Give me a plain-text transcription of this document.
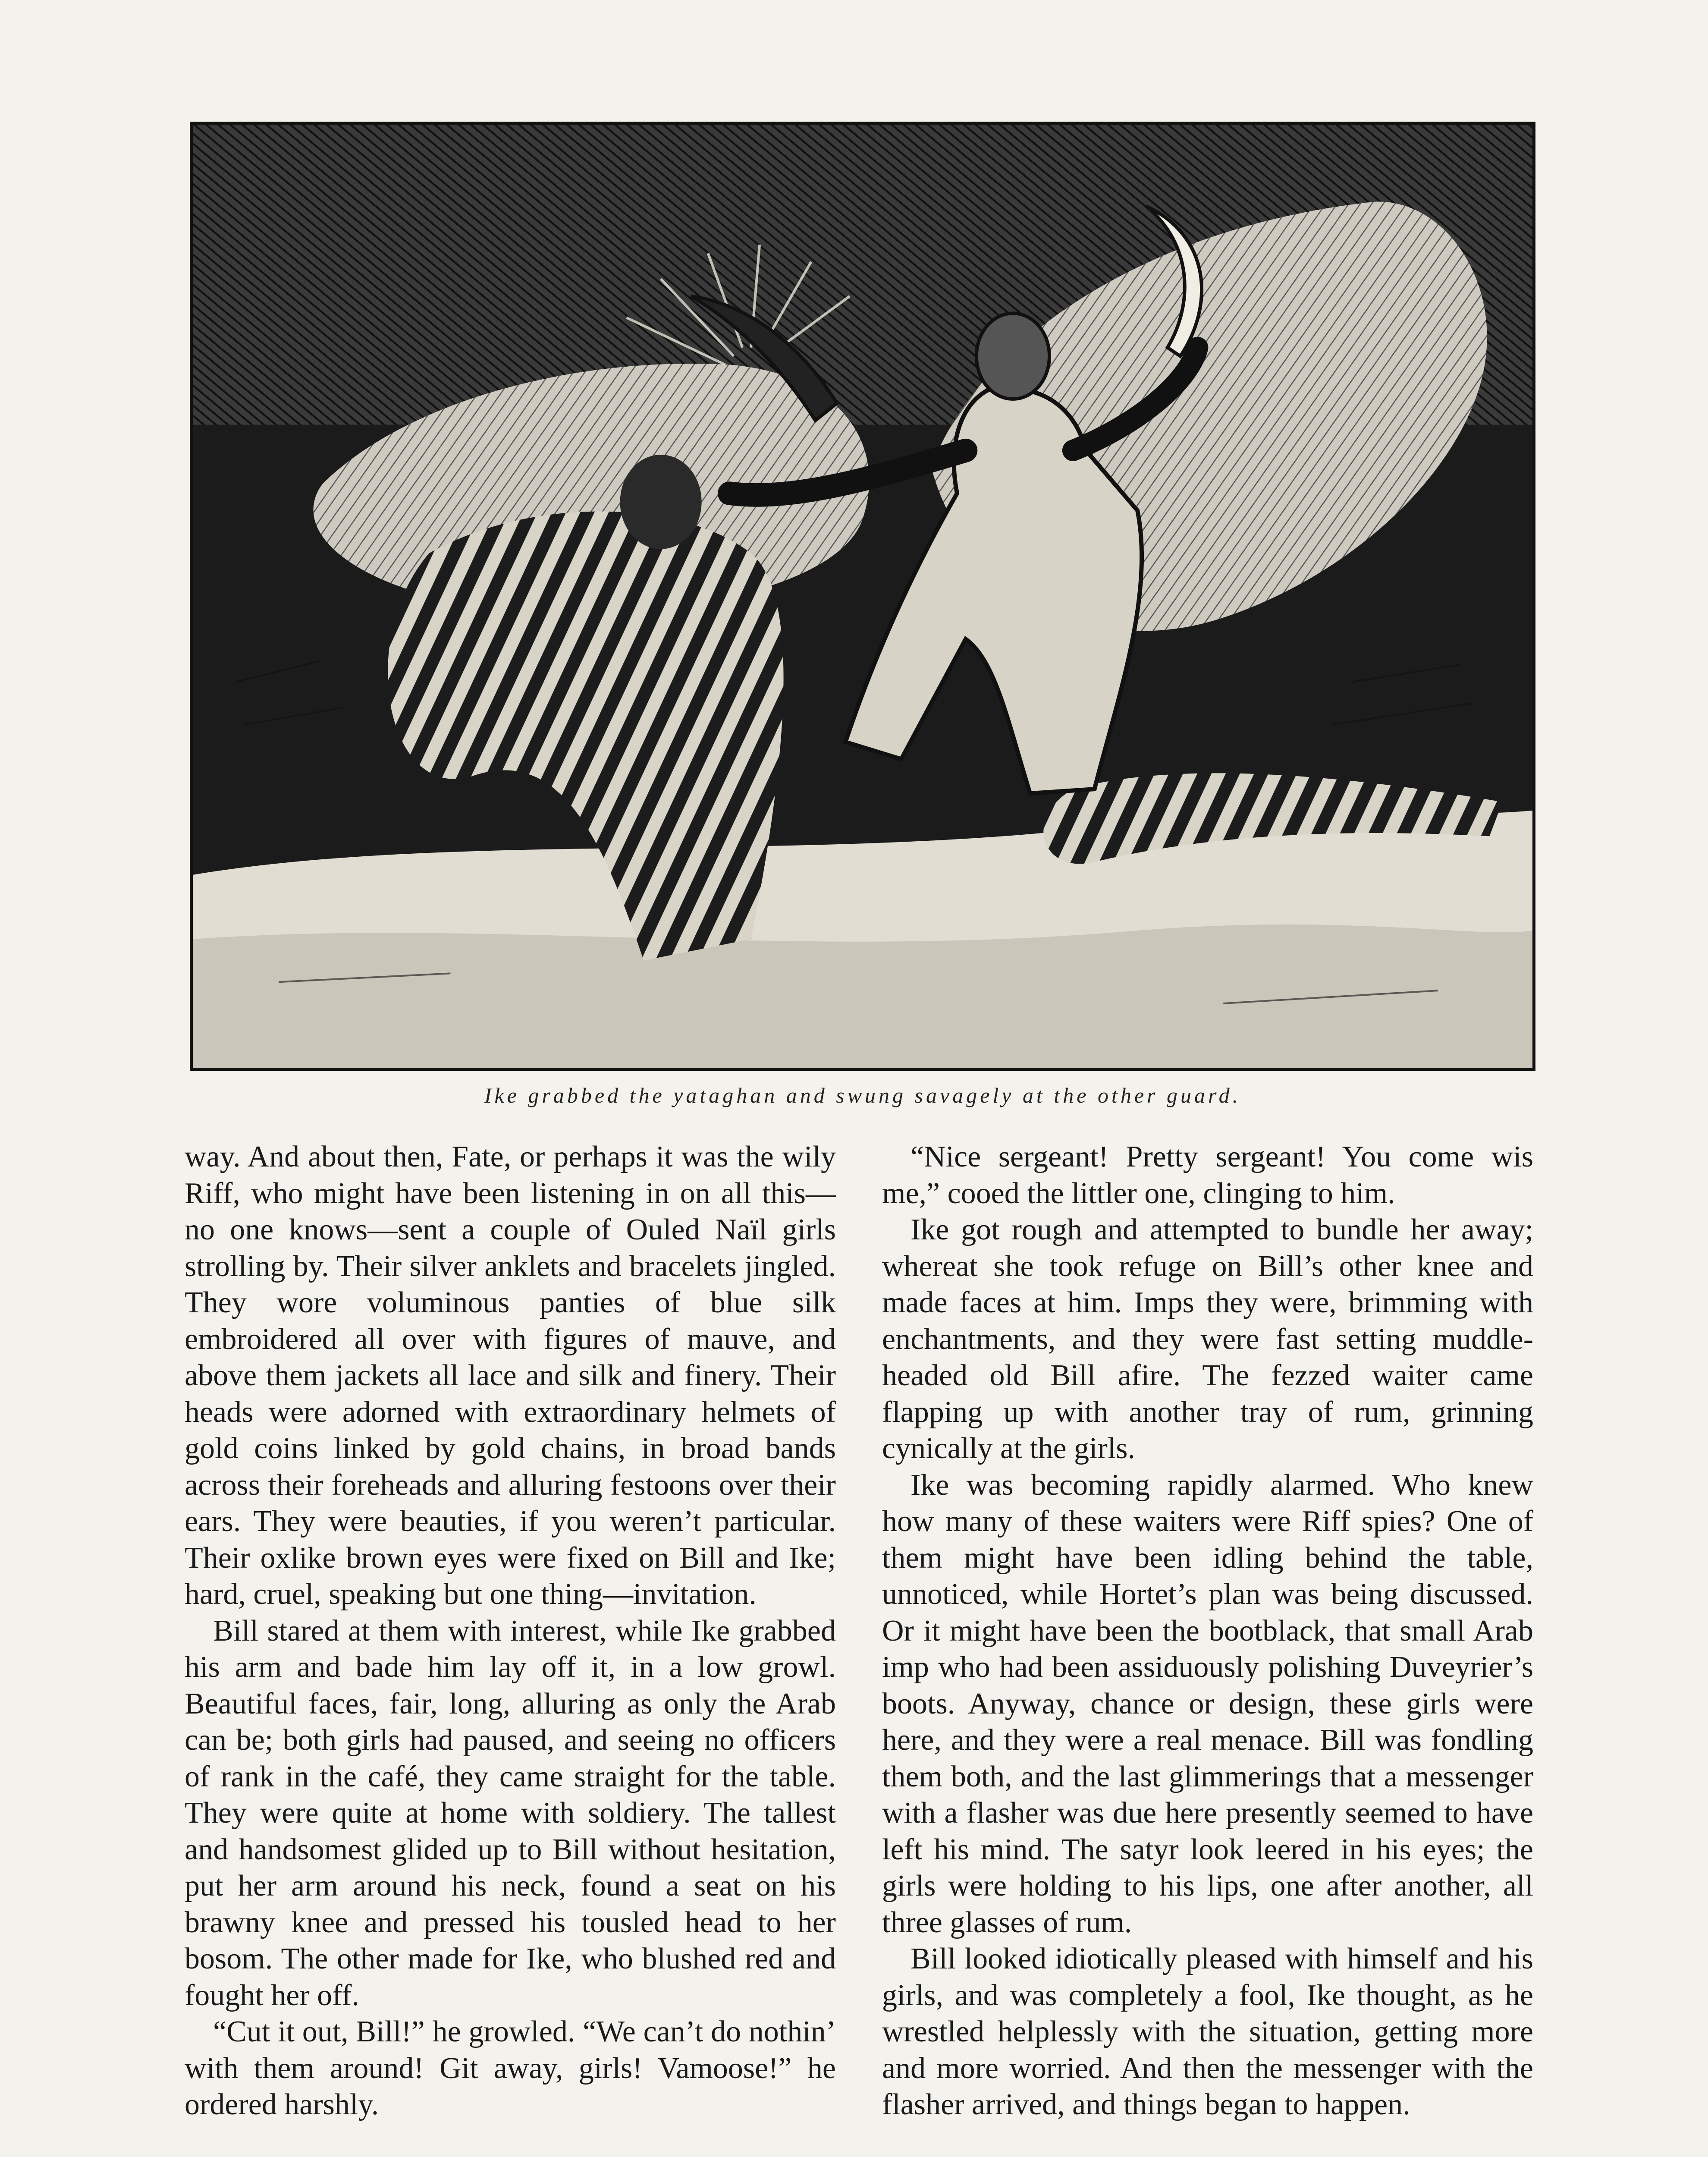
Ike grabbed the yataghan and swung savagely at the other guard.

way. And about then, Fate, or perhaps it was the wily Riff, who might have been listening in on all this—no one knows—sent a couple of Ouled Naïl girls strolling by. Their silver anklets and bracelets jingled. They wore voluminous panties of blue silk embroidered all over with figures of mauve, and above them jackets all lace and silk and finery. Their heads were adorned with extraordinary helmets of gold coins linked by gold chains, in broad bands across their foreheads and alluring festoons over their ears. They were beauties, if you weren’t particular. Their oxlike brown eyes were fixed on Bill and Ike; hard, cruel, speaking but one thing—invitation.

Bill stared at them with interest, while Ike grabbed his arm and bade him lay off it, in a low growl. Beautiful faces, fair, long, alluring as only the Arab can be; both girls had paused, and seeing no officers of rank in the café, they came straight for the table. They were quite at home with soldiery. The tallest and handsomest glided up to Bill without hesitation, put her arm around his neck, found a seat on his brawny knee and pressed his tousled head to her bosom. The other made for Ike, who blushed red and fought her off.

“Cut it out, Bill!” he growled. “We can’t do nothin’ with them around! Git away, girls! Vamoose!” he ordered harshly.

“Nice sergeant! Pretty sergeant! You come wis me,” cooed the littler one, clinging to him.

Ike got rough and attempted to bundle her away; whereat she took refuge on Bill’s other knee and made faces at him. Imps they were, brimming with enchantments, and they were fast setting muddle-headed old Bill afire. The fezzed waiter came flapping up with another tray of rum, grinning cynically at the girls.

Ike was becoming rapidly alarmed. Who knew how many of these waiters were Riff spies? One of them might have been idling behind the table, unnoticed, while Hortet’s plan was being discussed. Or it might have been the bootblack, that small Arab imp who had been assiduously polishing Duveyrier’s boots. Anyway, chance or design, these girls were here, and they were a real menace. Bill was fondling them both, and the last glimmerings that a messenger with a flasher was due here presently seemed to have left his mind. The satyr look leered in his eyes; the girls were holding to his lips, one after another, all three glasses of rum.

Bill looked idiotically pleased with himself and his girls, and was completely a fool, Ike thought, as he wrestled helplessly with the situation, getting more and more worried. And then the messenger with the flasher arrived, and things began to happen.
